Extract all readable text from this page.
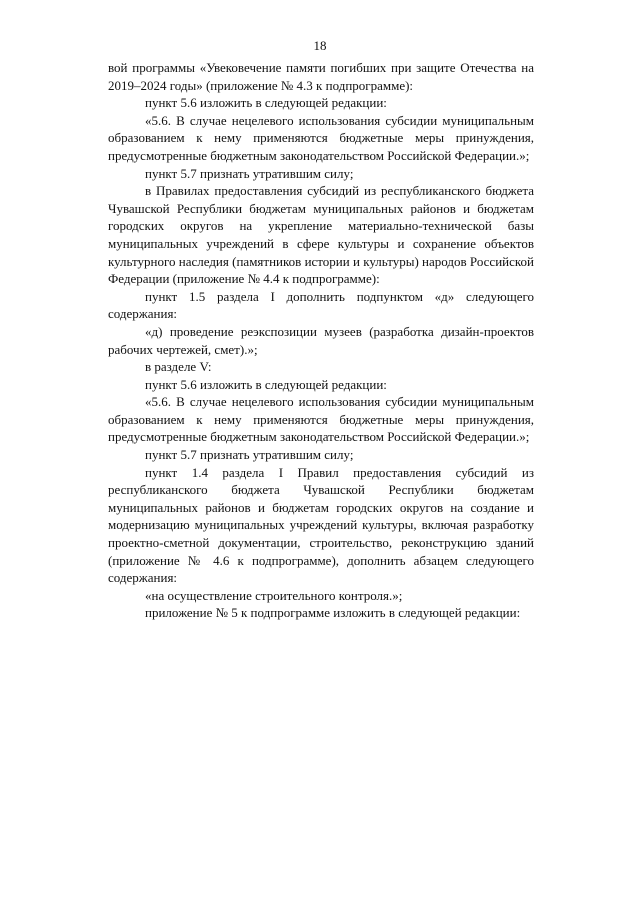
18

вой программы «Увековечение памяти погибших при защите Отечества на 2019–2024 годы» (приложение № 4.3 к подпрограмме):

пункт 5.6 изложить в следующей редакции:

«5.6. В случае нецелевого использования субсидии муниципальным образованием к нему применяются бюджетные меры принуждения, предусмотренные бюджетным законодательством Российской Федерации.»;

пункт 5.7 признать утратившим силу;

в Правилах предоставления субсидий из республиканского бюджета Чувашской Республики бюджетам муниципальных районов и бюджетам городских округов на укрепление материально-технической базы муниципальных учреждений в сфере культуры и сохранение объектов культурного наследия (памятников истории и культуры) народов Российской Федерации (приложение № 4.4 к подпрограмме):

пункт 1.5 раздела I дополнить подпунктом «д» следующего содержания:

«д) проведение реэкспозиции музеев (разработка дизайн-проектов рабочих чертежей, смет).»;

в разделе V:

пункт 5.6 изложить в следующей редакции:

«5.6. В случае нецелевого использования субсидии муниципальным образованием к нему применяются бюджетные меры принуждения, предусмотренные бюджетным законодательством Российской Федерации.»;

пункт 5.7 признать утратившим силу;

пункт 1.4 раздела I Правил предоставления субсидий из республиканского бюджета Чувашской Республики бюджетам муниципальных районов и бюджетам городских округов на создание и модернизацию муниципальных учреждений культуры, включая разработку проектно-сметной документации, строительство, реконструкцию зданий (приложение № 4.6 к подпрограмме), дополнить абзацем следующего содержания:

«на осуществление строительного контроля.»;

приложение № 5 к подпрограмме изложить в следующей редакции:
